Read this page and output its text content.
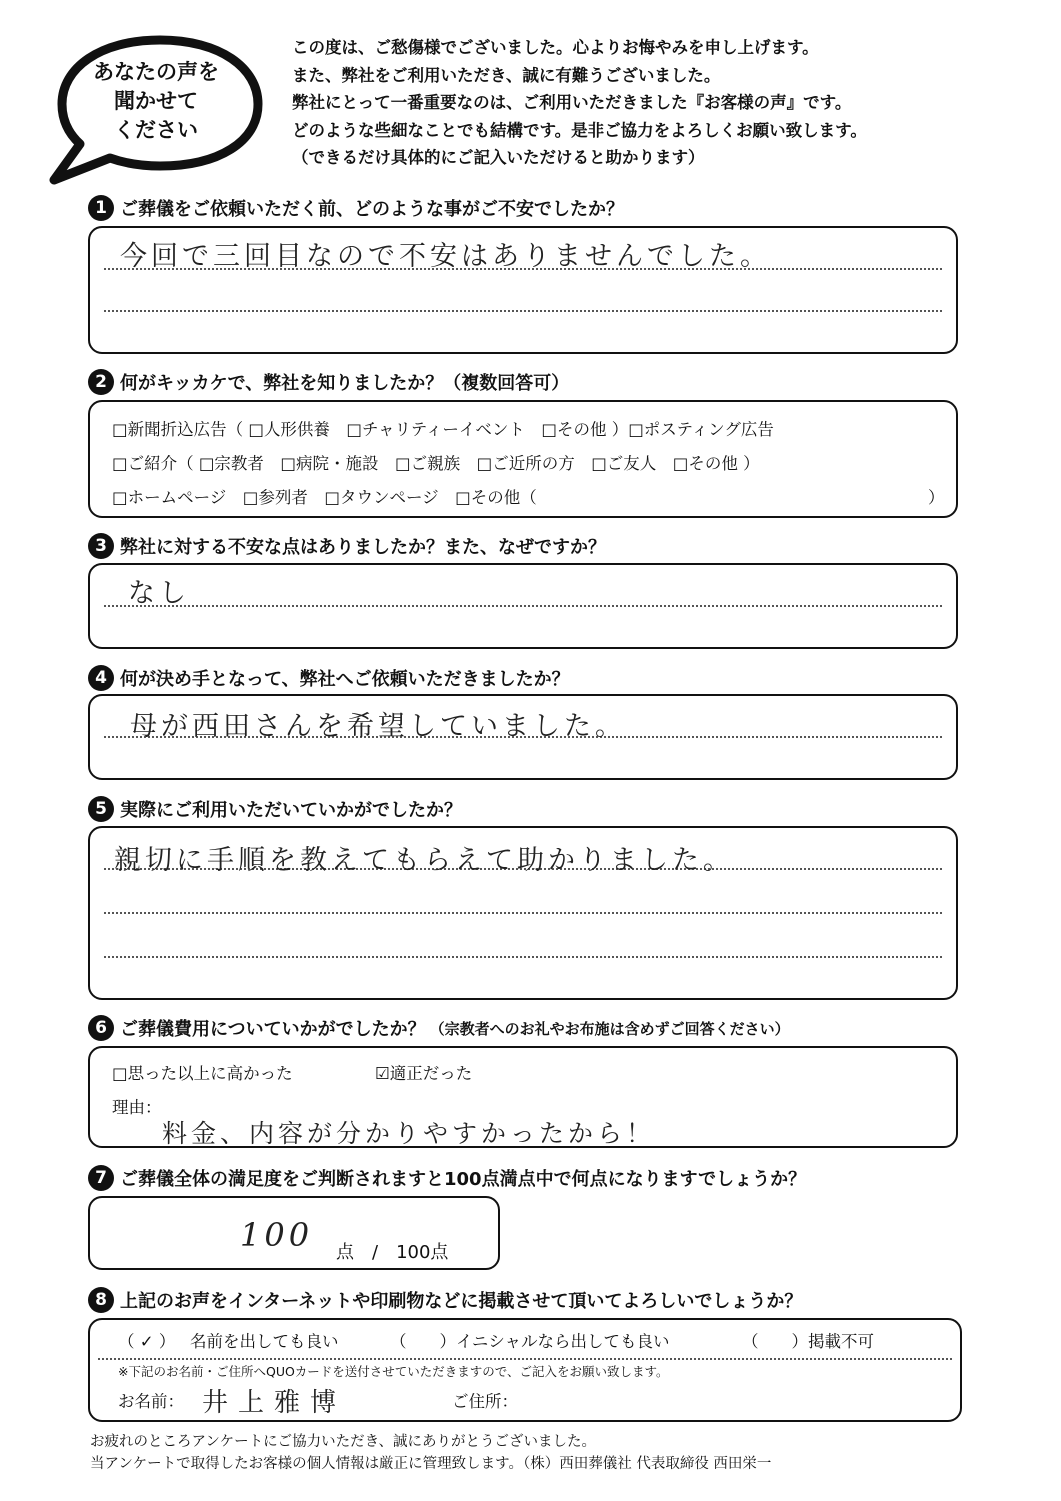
あなたの声を
聞かせて
ください
この度は、ご愁傷様でございました。心よりお悔やみを申し上げます。
また、弊社をご利用いただき、誠に有難うございました。
弊社にとって一番重要なのは、ご利用いただきました『お客様の声』です。
どのような些細なことでも結構です。是非ご協力をよろしくお願い致します。
（できるだけ具体的にご記入いただけると助かります）
1 ご葬儀をご依頼いただく前、どのような事がご不安でしたか？
今回で三回目なので不安はありませんでした。
2 何がキッカケで、弊社を知りましたか？（複数回答可）
□新聞折込広告（ □人形供養　□チャリティーイベント　□その他 ）□ポスティング広告
□ご紹介（ □宗教者　□病院・施設　□ご親族　□ご近所の方　□ご友人　□その他 ）
□ホームページ　□参列者　□タウンページ　□その他（	）
3 弊社に対する不安な点はありましたか？また、なぜですか？
なし
4 何が決め手となって、弊社へご依頼いただきましたか？
母が西田さんを希望していました。
5 実際にご利用いただいていかがでしたか？
親切に手順を教えてもらえて助かりました。
6 ご葬儀費用についていかがでしたか？ （宗教者へのお礼やお布施は含めずご回答ください）
□思った以上に高かった	☑適正だった
理由：
料金、内容が分かりやすかったから！
7 ご葬儀全体の満足度をご判断されますと100点満点中で何点になりますでしょうか？
100 点　/　100点
8 上記のお声をインターネットや印刷物などに掲載させて頂いてよろしいでしょうか？
（ ✓ ） 名前を出しても良い	（　　） イニシャルなら出しても良い	（　　） 掲載不可
※下記のお名前・ご住所へQUOカードを送付させていただきますので、ご記入をお願い致します。
お名前： 井上雅博	ご住所：
お疲れのところアンケートにご協力いただき、誠にありがとうございました。
当アンケートで取得したお客様の個人情報は厳正に管理致します。（株）西田葬儀社 代表取締役 西田栄一
